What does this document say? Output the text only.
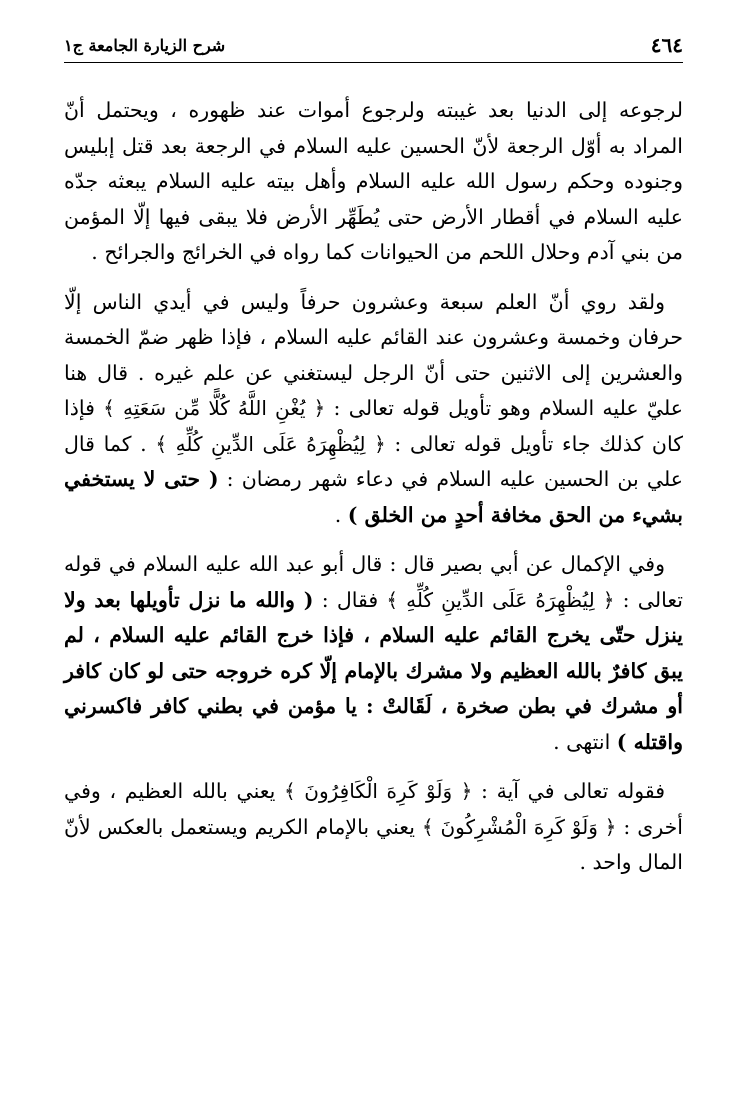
٤٦٤
شرح الزيارة الجامعة ج١

لرجوعه إلى الدنيا بعد غيبته ولرجوع أموات عند ظهوره ، ويحتمل أنّ المراد به أوّل الرجعة لأنّ الحسين عليه السلام في الرجعة بعد قتل إبليس وجنوده وحكم رسول الله عليه السلام وأهل بيته عليه السلام يبعثه جدّه عليه السلام في أقطار الأرض حتى يُطَهِّر الأرض فلا يبقى فيها إلّا المؤمن من بني آدم وحلال اللحم من الحيوانات كما رواه في الخرائج والجرائح .

ولقد روي أنّ العلم سبعة وعشرون حرفاً وليس في أيدي الناس إلّا حرفان وخمسة وعشرون عند القائم عليه السلام ، فإذا ظهر ضمّ الخمسة والعشرين إلى الاثنين حتى أنّ الرجل ليستغني عن علم غيره . قال هنا عليّ عليه السلام وهو تأويل قوله تعالى : ﴿ يُغْنِ اللَّهُ كُلًّا مِّن سَعَتِهِ ﴾ فإذا كان كذلك جاء تأويل قوله تعالى : ﴿ لِيُظْهِرَهُ عَلَى الدِّينِ كُلِّهِ ﴾ . كما قال علي بن الحسين عليه السلام في دعاء شهر رمضان : ( حتى لا يستخفي بشيء من الحق مخافة أحدٍ من الخلق ) .

وفي الإكمال عن أبي بصير قال : قال أبو عبد الله عليه السلام في قوله تعالى : ﴿ لِيُظْهِرَهُ عَلَى الدِّينِ كُلِّهِ ﴾ فقال : ( والله ما نزل تأويلها بعد ولا ينزل حتّى يخرج القائم عليه السلام ، فإذا خرج القائم عليه السلام ، لم يبق كافرٌ بالله العظيم ولا مشرك بالإمام إلّا كره خروجه حتى لو كان كافر أو مشرك في بطن صخرة ، لَقَالتْ : يا مؤمن في بطني كافر فاكسرني واقتله ) انتهى .

فقوله تعالى في آية : ﴿ وَلَوْ كَرِهَ الْكَافِرُونَ ﴾ يعني بالله العظيم ، وفي أخرى : ﴿ وَلَوْ كَرِهَ الْمُشْرِكُونَ ﴾ يعني بالإمام الكريم ويستعمل بالعكس لأنّ المال واحد .
